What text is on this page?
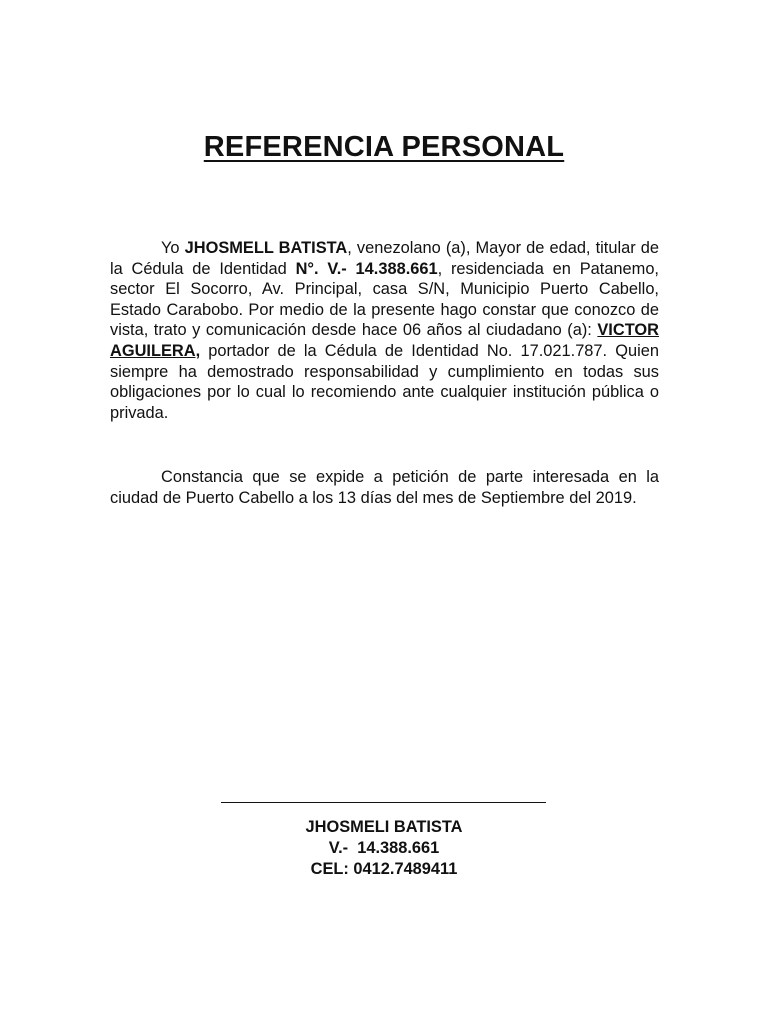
REFERENCIA PERSONAL

Yo JHOSMELL BATISTA, venezolano (a), Mayor de edad, titular de la Cédula de Identidad N°. V.- 14.388.661, residenciada en Patanemo, sector El Socorro, Av. Principal, casa S/N, Municipio Puerto Cabello, Estado Carabobo. Por medio de la presente hago constar que conozco de vista, trato y comunicación desde hace 06 años al ciudadano (a): VICTOR AGUILERA, portador de la Cédula de Identidad No. 17.021.787. Quien siempre ha demostrado responsabilidad y cumplimiento en todas sus obligaciones por lo cual lo recomiendo ante cualquier institución pública o privada.

Constancia que se expide a petición de parte interesada en la ciudad de Puerto Cabello a los 13 días del mes de Septiembre del 2019.

JHOSMELI BATISTA
V.-  14.388.661
CEL: 0412.7489411
